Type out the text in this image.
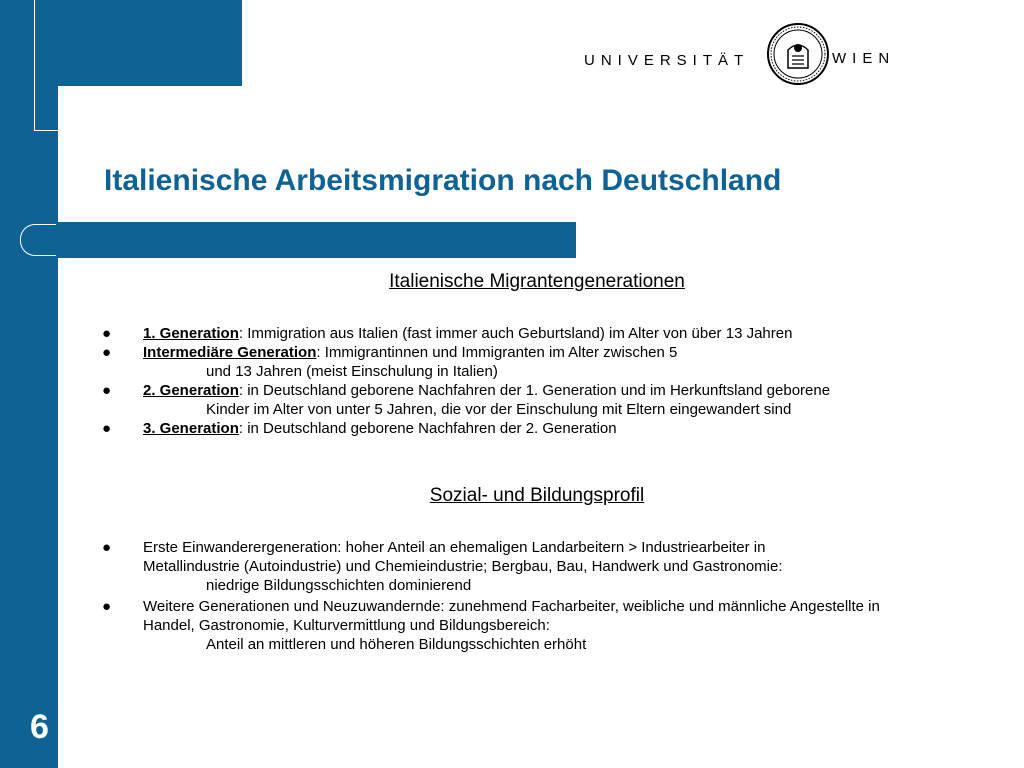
UNIVERSITÄT	WIEN
Italienische Arbeitsmigration nach Deutschland
Italienische Migrantengenerationen
● 1. Generation: Immigration aus Italien (fast immer auch Geburtsland) im Alter von über 13 Jahren
● Intermediäre Generation: Immigrantinnen und Immigranten im Alter zwischen 5
und 13 Jahren (meist Einschulung in Italien)
● 2. Generation: in Deutschland geborene Nachfahren der 1. Generation und im Herkunftsland geborene
Kinder im Alter von unter 5 Jahren, die vor der Einschulung mit Eltern eingewandert sind
● 3. Generation: in Deutschland geborene Nachfahren der 2. Generation
Sozial- und Bildungsprofil
● Erste Einwanderergeneration: hoher Anteil an ehemaligen Landarbeitern > Industriearbeiter in Metallindustrie (Autoindustrie) und Chemieindustrie; Bergbau, Bau, Handwerk und Gastronomie:
niedrige Bildungsschichten dominierend
● Weitere Generationen und Neuzuwandernde: zunehmend Facharbeiter, weibliche und männliche Angestellte in Handel, Gastronomie, Kulturvermittlung und Bildungsbereich:
Anteil an mittleren und höheren Bildungsschichten erhöht
6
